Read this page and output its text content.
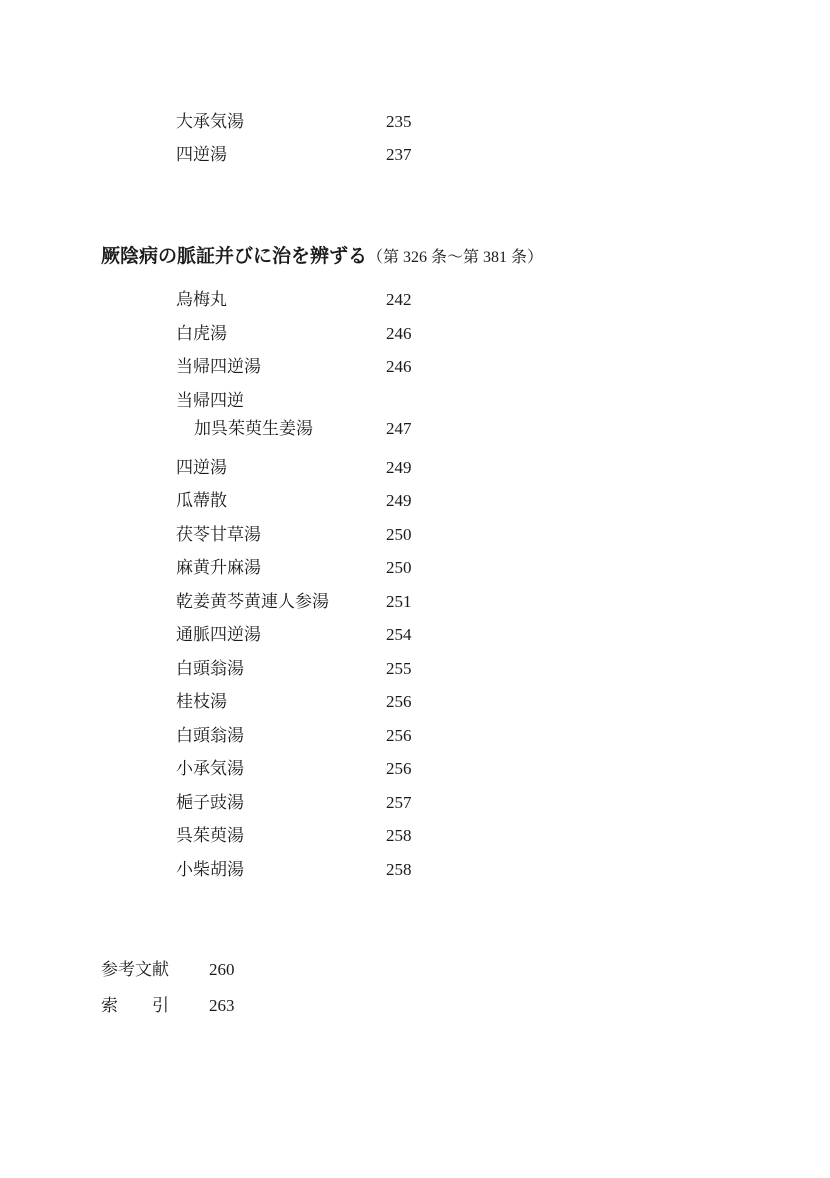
大承気湯	235
四逆湯	237
厥陰病の脈証并びに治を辨ずる（第 326 条〜第 381 条）
烏梅丸	242
白虎湯	246
当帰四逆湯	246
当帰四逆
加呉茱萸生姜湯	247
四逆湯	249
瓜蔕散	249
茯苓甘草湯	250
麻黄升麻湯	250
乾姜黄芩黄連人参湯	251
通脈四逆湯	254
白頭翁湯	255
桂枝湯	256
白頭翁湯	256
小承気湯	256
梔子豉湯	257
呉茱萸湯	258
小柴胡湯	258
参考文献 260
索　　引 263
